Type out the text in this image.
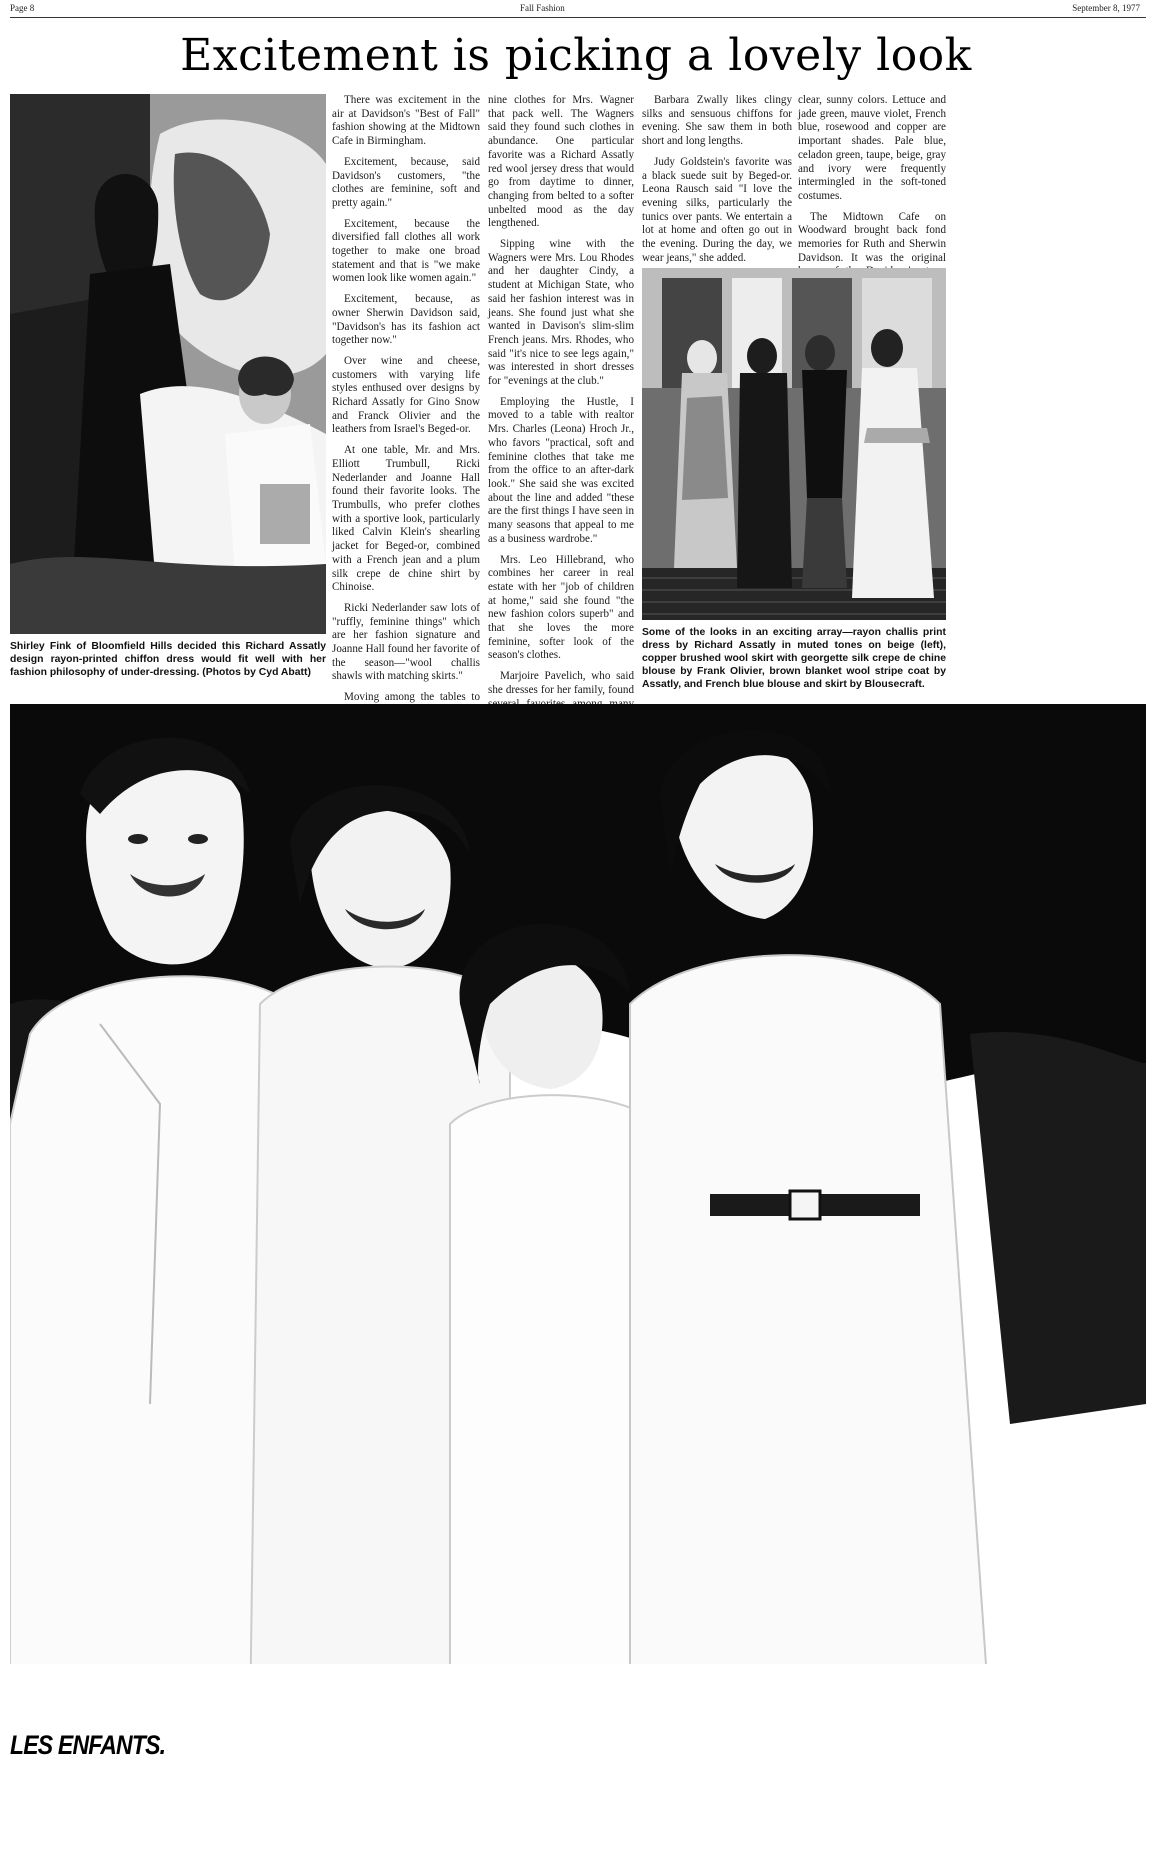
Page 8	Fall Fashion	September 8, 1977
Excitement is picking a lovely look
Shirley Fink of Bloomfield Hills decided this Richard Assatly design rayon-printed chiffon dress would fit well with her fashion philosophy of under-dressing. (Photos by Cyd Abatt)

There was excitement in the air at Davidson's "Best of Fall" fashion showing at the Midtown Cafe in Birmingham.

Excitement, because, said Davidson's customers, "the clothes are feminine, soft and pretty again."

Excitement, because the diversified fall clothes all work together to make one broad statement and that is "we make women look like women again."

Excitement, because, as owner Sherwin Davidson said, "Davidson's has its fashion act together now."

Over wine and cheese, customers with varying life styles enthused over designs by Richard Assatly for Gino Snow and Franck Olivier and the leathers from Israel's Beged-or.

At one table, Mr. and Mrs. Elliott Trumbull, Ricki Nederlander and Joanne Hall found their favorite looks. The Trumbulls, who prefer clothes with a sportive look, particularly liked Calvin Klein's shearling jacket for Beged-or, combined with a French jean and a plum silk crepe de chine shirt by Chinoise.

Ricki Nederlander saw lots of "ruffly, feminine things" which are her fashion signature and Joanne Hall found her favorite of the season—"wool challis shawls with matching skirts."

Moving among the tables to

nine clothes for Mrs. Wagner that pack well. The Wagners said they found such clothes in abundance. One particular favorite was a Richard Assatly red wool jersey dress that would go from daytime to dinner, changing from belted to a softer unbelted mood as the day lengthened.

Sipping wine with the Wagners were Mrs. Lou Rhodes and her daughter Cindy, a student at Michigan State, who said her fashion interest was in jeans. She found just what she wanted in Davison's slim-slim French jeans. Mrs. Rhodes, who said "it's nice to see legs again," was interested in short dresses for "evenings at the club."

Employing the Hustle, I moved to a table with realtor Mrs. Charles (Leona) Hroch Jr., who favors "practical, soft and feminine clothes that take me from the office to an after-dark look." She said she was excited about the line and added "these are the first things I have seen in many seasons that appeal to me as a business wardrobe."

Mrs. Leo Hillebrand, who combines her career in real estate with her "job of children at home," said she found "the new fashion colors superb" and that she loves the more feminine, softer look of the season's clothes.

Marjoire Pavelich, who said she dresses for her family, found

Barbara Zwally likes clingy silks and sensuous chiffons for evening. She saw them in both short and long lengths.

Judy Goldstein's favorite was a black suede suit by Beged-or. Leona Rausch said "I love the evening silks, particularly the tunics over pants. We entertain a lot at home and often go out in the evening. During the day, we wear jeans," she added.

clear, sunny colors. Lettuce and jade green, mauve violet, French blue, rosewood and copper are important shades. Pale blue, celadon green, taupe, beige, gray and ivory were frequently intermingled in the soft-toned costumes.

The Midtown Cafe on Woodward brought back fond memories for Ruth and Sherwin Davidson. It was the original

Some of the looks in an exciting array—rayon challis print dress by Richard Assatly in muted tones on beige (left), copper brushed wool skirt with georgette silk crepe de chine blouse by Frank Olivier, brown blanket wool stripe coat by Assatly, and French blue blouse and skirt by Blousecraft.
LES ENFANTS.
